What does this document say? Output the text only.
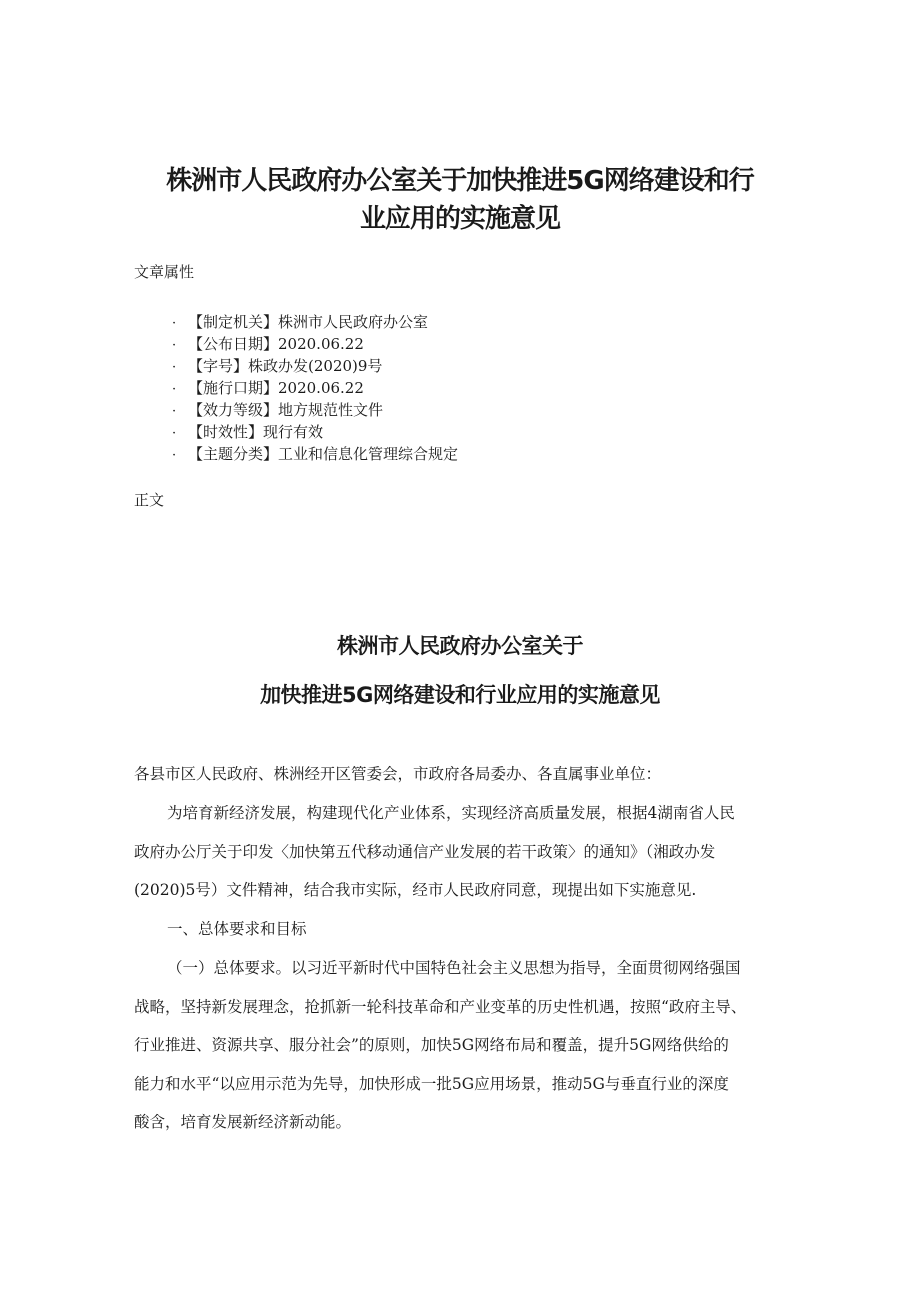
株洲市人民政府办公室关于加快推进5G网络建设和行
业应用的实施意见

文章属性

· 【制定机关】株洲市人民政府办公室
· 【公布日期】2020.06.22
· 【字号】株政办发(2020)9号
· 【施行口期】2020.06.22
· 【效力等级】地方规范性文件
· 【时效性】现行有效
· 【主题分类】工业和信息化管理综合规定

正文

株洲市人民政府办公室关于
加快推进5G网络建设和行业应用的实施意见

各县市区人民政府、株洲经开区管委会，市政府各局委办、各直属事业单位：

为培育新经济发展，构建现代化产业体系，实现经济高质量发展，根据4湖南省人民
政府办公厅关于印发〈加快第五代移动通信产业发展的若干政策〉的通知》（湘政办发
(2020)5号）文件精神，结合我市实际，经市人民政府同意，现提出如下实施意见.

一、总体要求和目标

（一）总体要求。以习近平新时代中国特色社会主义思想为指导，全面贯彻网络强国
战略，坚持新发展理念，抢抓新一轮科技革命和产业变革的历史性机遇，按照“政府主导、
行业推进、资源共享、服分社会”的原则，加快5G网络布局和覆盖，提升5G网络供给的
能力和水平“以应用示范为先导，加快形成一批5G应用场景，推动5G与垂直行业的深度
酸含，培育发展新经济新动能。
